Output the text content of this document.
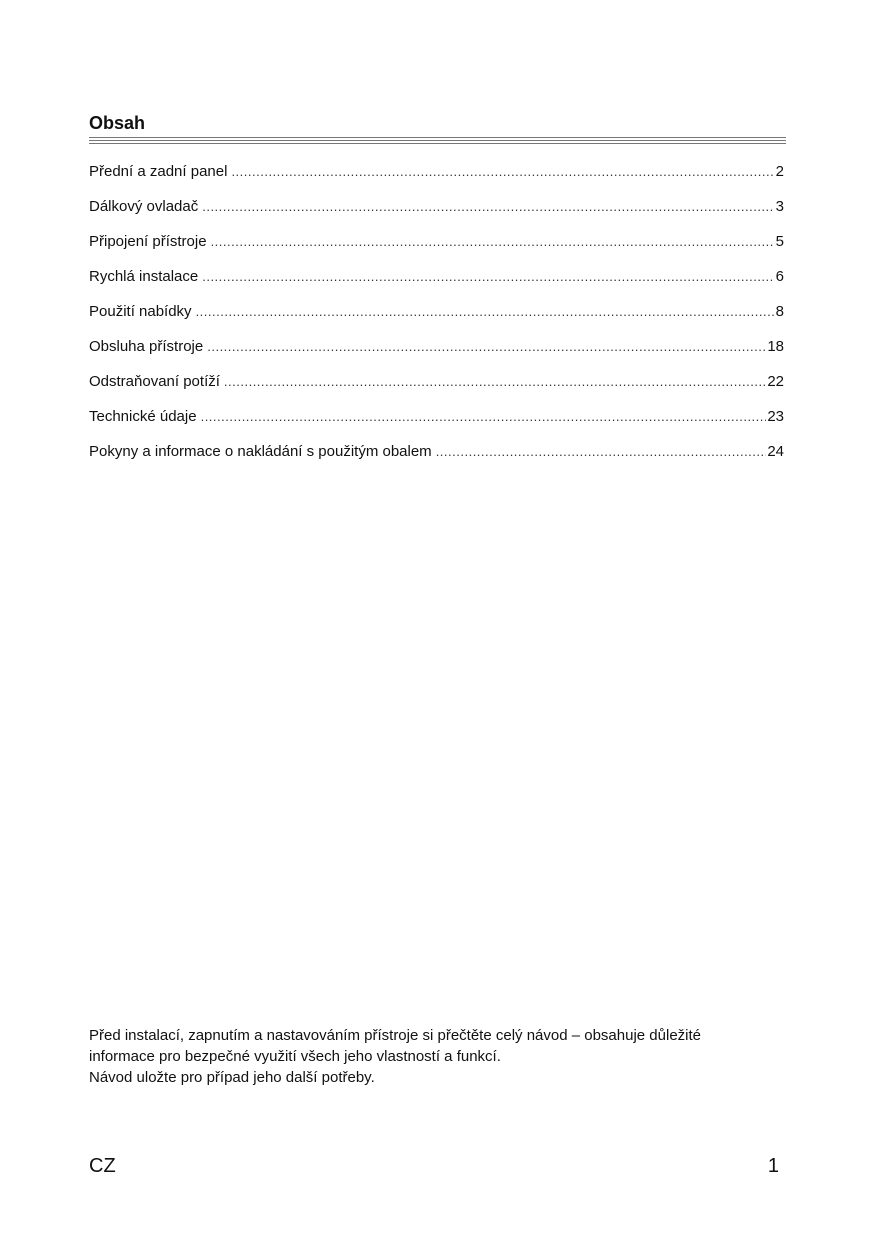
Obsah
Přední a zadní panel .....	2
Dálkový ovladač .....	3
Připojení přístroje .....	5
Rychlá instalace .....	6
Použití nabídky .....	8
Obsluha přístroje .....	18
Odstraňovaní potíží .....	22
Technické údaje .....	23
Pokyny a informace o nakládání s použitým obalem .....	24

Před instalací, zapnutím a nastavováním přístroje si přečtěte celý návod – obsahuje důležité
informace pro bezpečné využití všech jeho vlastností a funkcí.
Návod uložte pro případ jeho další potřeby.

CZ	1
